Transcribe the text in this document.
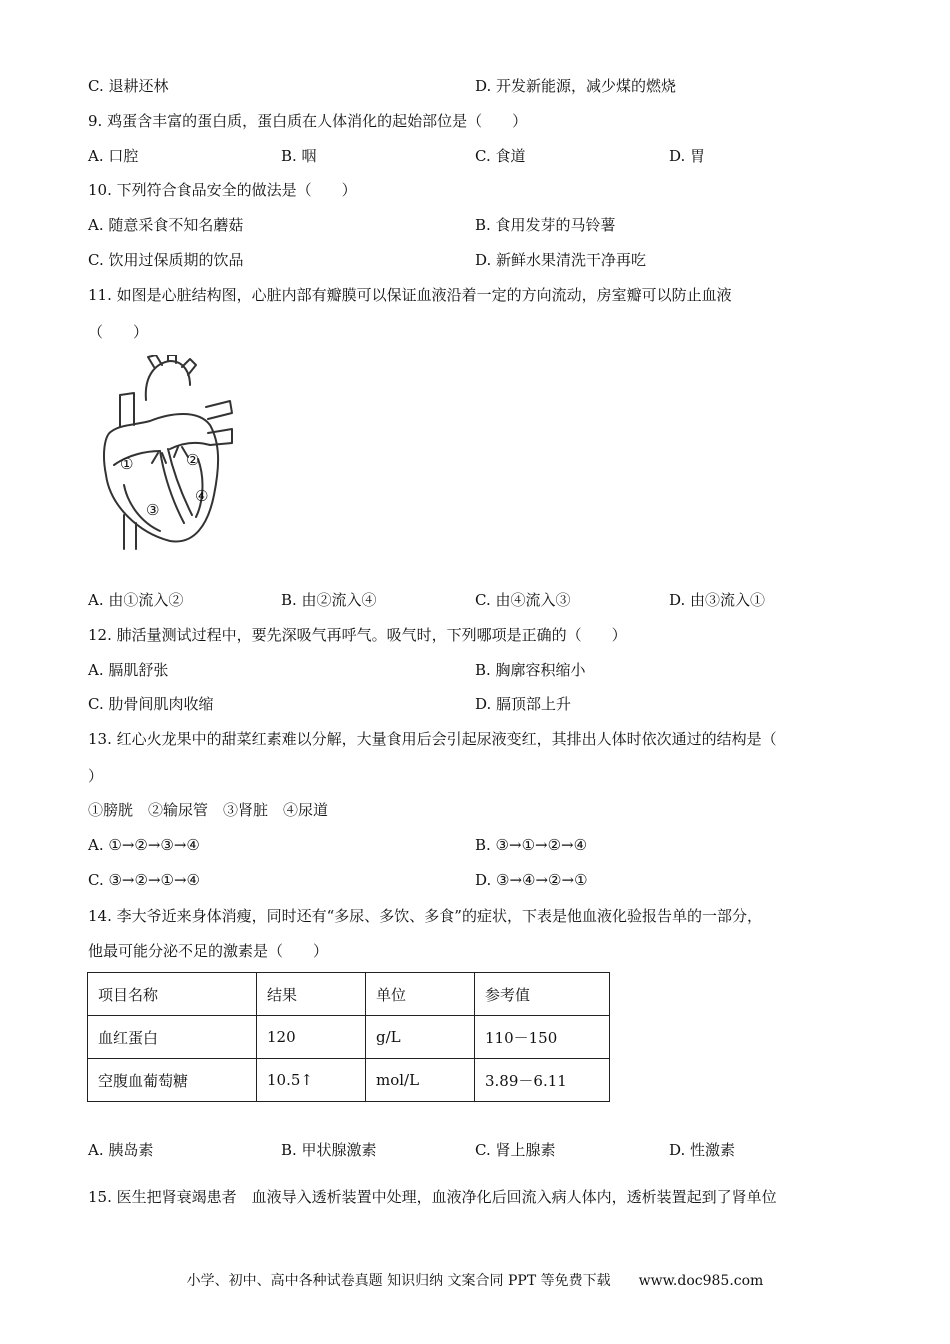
C. 退耕还林	D. 开发新能源，减少煤的燃烧
9. 鸡蛋含丰富的蛋白质，蛋白质在人体消化的起始部位是（　　）
A. 口腔	B. 咽	C. 食道	D. 胃
10. 下列符合食品安全的做法是（　　）
A. 随意采食不知名蘑菇	B. 食用发芽的马铃薯
C. 饮用过保质期的饮品	D. 新鲜水果清洗干净再吃
11. 如图是心脏结构图，心脏内部有瓣膜可以保证血液沿着一定的方向流动，房室瓣可以防止血液
（　　）
①	②
③
④
A. 由①流入②	B. 由②流入④	C. 由④流入③	D. 由③流入①
12. 肺活量测试过程中，要先深吸气再呼气。吸气时，下列哪项是正确的（　　）
A. 膈肌舒张	B. 胸廓容积缩小
C. 肋骨间肌肉收缩	D. 膈顶部上升
13. 红心火龙果中的甜菜红素难以分解，大量食用后会引起尿液变红，其排出人体时依次通过的结构是（
）
①膀胱　②输尿管　③肾脏　④尿道
A. ①→②→③→④	B. ③→①→②→④
C. ③→②→①→④	D. ③→④→②→①
14. 李大爷近来身体消瘦，同时还有“多尿、多饮、多食”的症状，下表是他血液化验报告单的一部分，
他最可能分泌不足的激素是（　　）
项目名称	结果	单位	参考值
血红蛋白	120	g/L	110－150
空腹血葡萄糖	10.5↑	mol/L	3.89－6.11
A. 胰岛素	B. 甲状腺激素	C. 肾上腺素	D. 性激素
15. 医生把肾衰竭患者　血液导入透析装置中处理，血液净化后回流入病人体内，透析装置起到了肾单位
小学、初中、高中各种试卷真题 知识归纳 文案合同 PPT 等免费下载　　www.doc985.com
